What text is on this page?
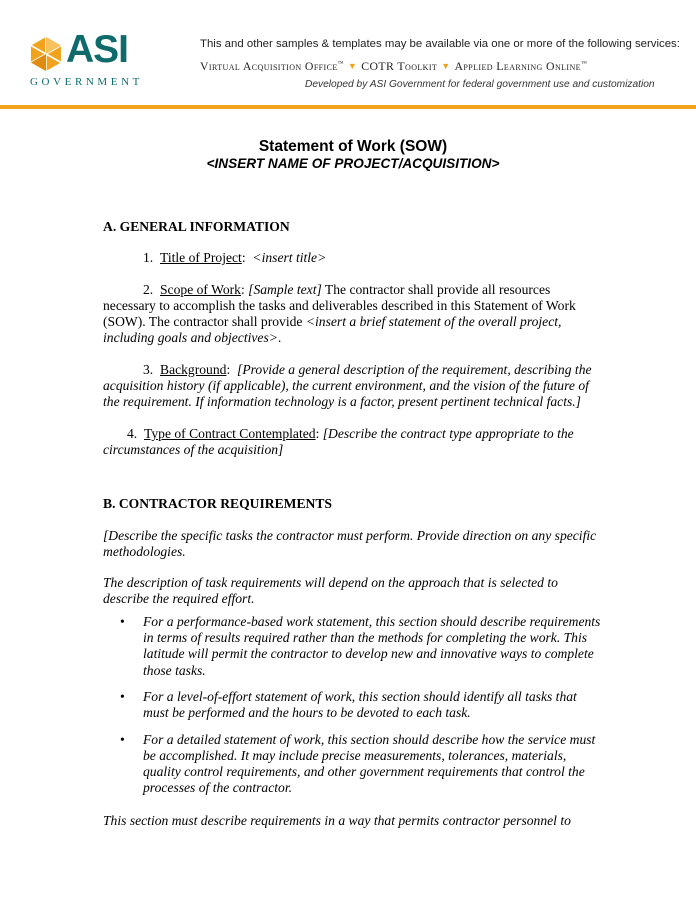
ASI
GOVERNMENT
This and other samples & templates may be available via one or more of the following services:
Virtual Acquisition Office™ ▼ COTR Toolkit ▼ Applied Learning Online™
Developed by ASI Government for federal government use and customization
Statement of Work (SOW)
<INSERT NAME OF PROJECT/ACQUISITION>
A. GENERAL INFORMATION

1. Title of Project:  <insert title>

2. Scope of Work: [Sample text] The contractor shall provide all resources necessary to accomplish the tasks and deliverables described in this Statement of Work (SOW). The contractor shall provide <insert a brief statement of the overall project, including goals and objectives>.

3. Background:  [Provide a general description of the requirement, describing the acquisition history (if applicable), the current environment, and the vision of the future of the requirement. If information technology is a factor, present pertinent technical facts.]

4. Type of Contract Contemplated: [Describe the contract type appropriate to the circumstances of the acquisition]

B. CONTRACTOR REQUIREMENTS

[Describe the specific tasks the contractor must perform. Provide direction on any specific methodologies.

The description of task requirements will depend on the approach that is selected to describe the required effort.

• For a performance-based work statement, this section should describe requirements in terms of results required rather than the methods for completing the work. This latitude will permit the contractor to develop new and innovative ways to complete those tasks.
• For a level-of-effort statement of work, this section should identify all tasks that must be performed and the hours to be devoted to each task.
• For a detailed statement of work, this section should describe how the service must be accomplished. It may include precise measurements, tolerances, materials, quality control requirements, and other government requirements that control the processes of the contractor.

This section must describe requirements in a way that permits contractor personnel to
